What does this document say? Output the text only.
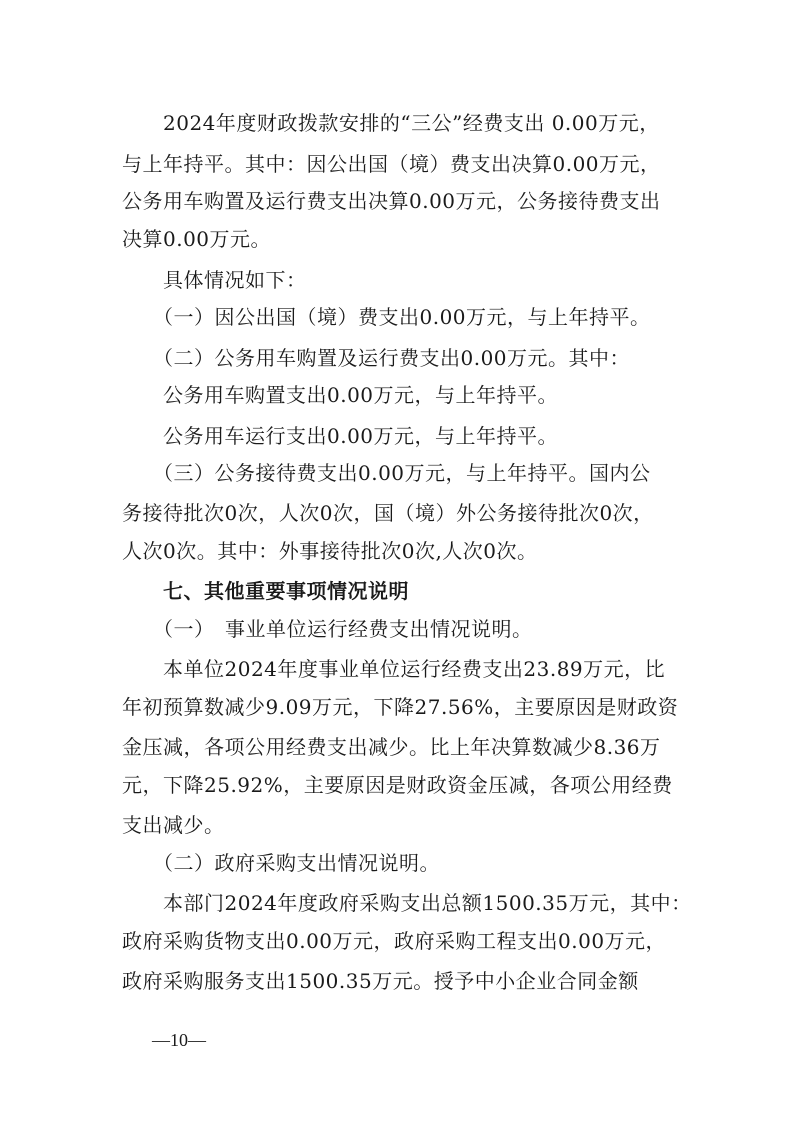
　　2024年度财政拨款安排的“三公”经费支出 0.00万元，

与上年持平。其中：因公出国（境）费支出决算0.00万元，

公务用车购置及运行费支出决算0.00万元，公务接待费支出

决算0.00万元。

　　具体情况如下：

　　（一）因公出国（境）费支出0.00万元，与上年持平。

　　（二）公务用车购置及运行费支出0.00万元。其中：

　　公务用车购置支出0.00万元，与上年持平。

　　公务用车运行支出0.00万元，与上年持平。

　　（三）公务接待费支出0.00万元，与上年持平。国内公

务接待批次0次，人次0次，国（境）外公务接待批次0次，

人次0次。其中：外事接待批次0次,人次0次。

　　七、其他重要事项情况说明

　　（一）　事业单位运行经费支出情况说明。

　　本单位2024年度事业单位运行经费支出23.89万元，比

年初预算数减少9.09万元，下降27.56%，主要原因是财政资

金压减，各项公用经费支出减少。比上年决算数减少8.36万

元，下降25.92%，主要原因是财政资金压减，各项公用经费

支出减少。

　　（二）政府采购支出情况说明。

　　本部门2024年度政府采购支出总额1500.35万元，其中：

政府采购货物支出0.00万元，政府采购工程支出0.00万元，

政府采购服务支出1500.35万元。授予中小企业合同金额

—10—
